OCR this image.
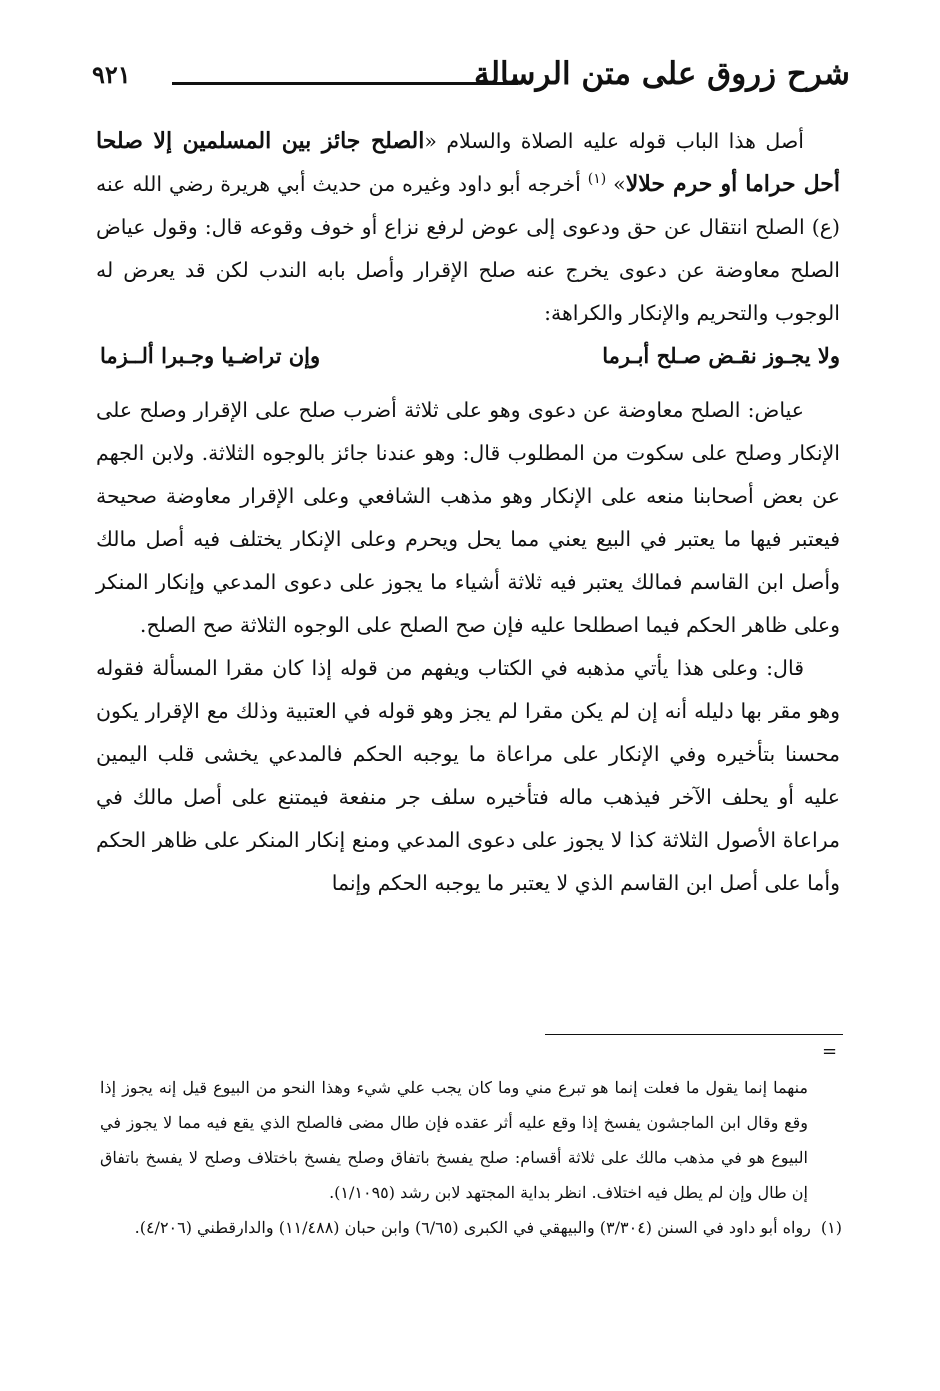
شرح زروق على متن الرسالة
٩٢١

أصل هذا الباب قوله عليه الصلاة والسلام «الصلح جائز بين المسلمين إلا صلحا أحل حراما أو حرم حلالا» $^{(١)}$ أخرجه أبو داود وغيره من حديث أبي هريرة رضي الله عنه (ع) الصلح انتقال عن حق ودعوى إلى عوض لرفع نزاع أو خوف وقوعه قال: وقول عياض الصلح معاوضة عن دعوى يخرج عنه صلح الإقرار وأصل بابه الندب لكن قد يعرض له الوجوب والتحريم والإنكار والكراهة:

ولا يجـوز نقـض صـلح أبـرما
وإن تراضـيا وجـبرا ألــزما

عياض: الصلح معاوضة عن دعوى وهو على ثلاثة أضرب صلح على الإقرار وصلح على الإنكار وصلح على سكوت من المطلوب قال: وهو عندنا جائز بالوجوه الثلاثة. ولابن الجهم عن بعض أصحابنا منعه على الإنكار وهو مذهب الشافعي وعلى الإقرار معاوضة صحيحة فيعتبر فيها ما يعتبر في البيع يعني مما يحل ويحرم وعلى الإنكار يختلف فيه أصل مالك وأصل ابن القاسم فمالك يعتبر فيه ثلاثة أشياء ما يجوز على دعوى المدعي وإنكار المنكر وعلى ظاهر الحكم فيما اصطلحا عليه فإن صح الصلح على الوجوه الثلاثة صح الصلح.

قال: وعلى هذا يأتي مذهبه في الكتاب ويفهم من قوله إذا كان مقرا المسألة فقوله وهو مقر بها دليله أنه إن لم يكن مقرا لم يجز وهو قوله في العتبية وذلك مع الإقرار يكون محسنا بتأخيره وفي الإنكار على مراعاة ما يوجبه الحكم فالمدعي يخشى قلب اليمين عليه أو يحلف الآخر فيذهب ماله فتأخيره سلف جر منفعة فيمتنع على أصل مالك في مراعاة الأصول الثلاثة كذا لا يجوز على دعوى المدعي ومنع إنكار المنكر على ظاهر الحكم وأما على أصل ابن القاسم الذي لا يعتبر ما يوجبه الحكم وإنما

=

منهما إنما يقول ما فعلت إنما هو تبرع مني وما كان يجب علي شيء وهذا النحو من البيوع قيل إنه يجوز إذا وقع وقال ابن الماجشون يفسخ إذا وقع عليه أثر عقده فإن طال مضى فالصلح الذي يقع فيه مما لا يجوز في البيوع هو في مذهب مالك على ثلاثة أقسام: صلح يفسخ باتفاق وصلح يفسخ باختلاف وصلح لا يفسخ باتفاق إن طال وإن لم يطل فيه اختلاف. انظر بداية المجتهد لابن رشد (١/١٠٩٥).

(١)
رواه أبو داود في السنن (٣/٣٠٤) والبيهقي في الكبرى (٦/٦٥) وابن حبان (١١/٤٨٨) والدارقطني (٤/٢٠٦).
